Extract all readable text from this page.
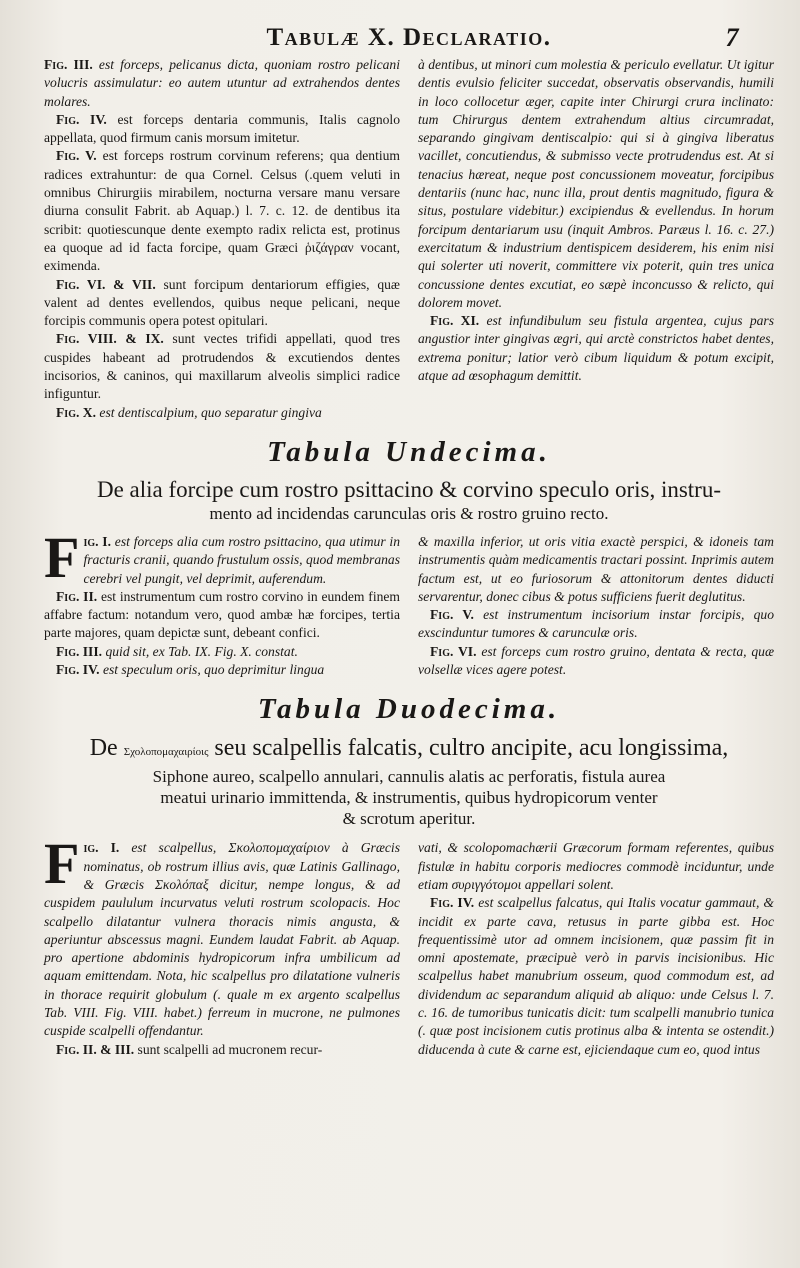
Tabulæ X. Declaratio.	7

Fig. III. est forceps, pelicanus dicta, quoniam rostro pelicani volucris assimulatur: eo autem utuntur ad extrahendos dentes molares.

Fig. IV. est forceps dentaria communis, Italis cagnolo appellata, quod firmum canis morsum imitetur.

Fig. V. est forceps rostrum corvinum referens; qua dentium radices extrahuntur: de qua Cornel. Celsus (.quem veluti in omnibus Chirurgiis mirabilem, nocturna versare manu versare diurna consulit Fabrit. ab Aquap.) l. 7. c. 12. de dentibus ita scribit: quotiescunque dente exempto radix relicta est, protinus ea quoque ad id facta forcipe, quam Græci ῥιζάγραν vocant, eximenda.

Fig. VI. & VII. sunt forcipum dentariorum effigies, quæ valent ad dentes evellendos, quibus neque pelicani, neque forcipis communis opera potest opitulari.

Fig. VIII. & IX. sunt vectes trifidi appellati, quod tres cuspides habeant ad protrudendos & excutiendos dentes incisorios, & caninos, qui maxillarum alveolis simplici radice infiguntur.

Fig. X. est dentiscalpium, quo separatur gingiva

à dentibus, ut minori cum molestia & periculo evellatur. Ut igitur dentis evulsio feliciter succedat, observatis observandis, humili in loco collocetur æger, capite inter Chirurgi crura inclinato: tum Chirurgus dentem extrahendum altius circumradat, separando gingivam dentiscalpio: qui si à gingiva liberatus vacillet, concutiendus, & submisso vecte protrudendus est. At si tenacius hæreat, neque post concussionem moveatur, forcipibus dentariis (nunc hac, nunc illa, prout dentis magnitudo, figura & situs, postulare videbitur.) excipiendus & evellendus. In horum forcipum dentariarum usu (inquit Ambros. Paræus l. 16. c. 27.) exercitatum & industrium dentispicem desiderem, his enim nisi qui solerter uti noverit, committere vix poterit, quin tres unica concussione dentes excutiat, eo sæpè inconcusso & relicto, qui dolorem movet.

Fig. XI. est infundibulum seu fistula argentea, cujus pars angustior inter gingivas ægri, qui arctè constrictos habet dentes, extrema ponitur; latior verò cibum liquidum & potum excipit, atque ad œsophagum demittit.

Tabula Undecima.
De alia forcipe cum rostro psittacino & corvino speculo oris, instru-
mento ad incidendas carunculas oris & rostro gruino recto.

Fig. I. est forceps alia cum rostro psittacino, qua utimur in fracturis cranii, quando frustulum ossis, quod membranas cerebri vel pungit, vel deprimit, auferendum.

Fig. II. est instrumentum cum rostro corvino in eundem finem affabre factum: notandum vero, quod ambæ hæ forcipes, tertia parte majores, quam depictæ sunt, debeant confici.

Fig. III. quid sit, ex Tab. IX. Fig. X. constat.

Fig. IV. est speculum oris, quo deprimitur lingua

& maxilla inferior, ut oris vitia exactè perspici, & idoneis tam instrumentis quàm medicamentis tractari possint. Inprimis autem factum est, ut eo furiosorum & attonitorum dentes diducti servarentur, donec cibus & potus sufficiens fuerit deglutitus.

Fig. V. est instrumentum incisorium instar forcipis, quo exscinduntur tumores & carunculæ oris.

Fig. VI. est forceps cum rostro gruino, dentata & recta, quæ volsellæ vices agere potest.

Tabula Duodecima.
De Σχολοπομαχαιρίοις seu scalpellis falcatis, cultro ancipite, acu longissima,
Siphone aureo, scalpello annulari, cannulis alatis ac perforatis, fistula aurea
meatui urinario immittenda, & instrumentis, quibus hydropicorum venter
& scrotum aperitur.

Fig. I. est scalpellus, Σκολοπομαχαίριον à Græcis nominatus, ob rostrum illius avis, quæ Latinis Gallinago, & Græcis Σκολόπαξ dicitur, nempe longus, & ad cuspidem paululum incurvatus veluti rostrum scolopacis. Hoc scalpello dilatantur vulnera thoracis nimis angusta, & aperiuntur abscessus magni. Eundem laudat Fabrit. ab Aquap. pro apertione abdominis hydropicorum infra umbilicum ad aquam emittendam. Nota, hic scalpellus pro dilatatione vulneris in thorace requirit globulum (. quale m ex argento scalpellus Tab. VIII. Fig. VIII. habet.) ferreum in mucrone, ne pulmones cuspide scalpelli offendantur.

Fig. II. & III. sunt scalpelli ad mucronem recur-

vati, & scolopomachærii Græcorum formam referentes, quibus fistulæ in habitu corporis mediocres commodè inciduntur, unde etiam συριγγότομοι appellari solent.

Fig. IV. est scalpellus falcatus, qui Italis vocatur gammaut, & incidit ex parte cava, retusus in parte gibba est. Hoc frequentissimè utor ad omnem incisionem, quæ passim fit in omni apostemate, præcipuè verò in parvis incisionibus. Hic scalpellus habet manubrium osseum, quod commodum est, ad dividendum ac separandum aliquid ab aliquo: unde Celsus l. 7. c. 16. de tumoribus tunicatis dicit: tum scalpelli manubrio tunica (. quæ post incisionem cutis protinus alba & intenta se ostendit.) diducenda à cute & carne est, ejiciendaque cum eo, quod intus
